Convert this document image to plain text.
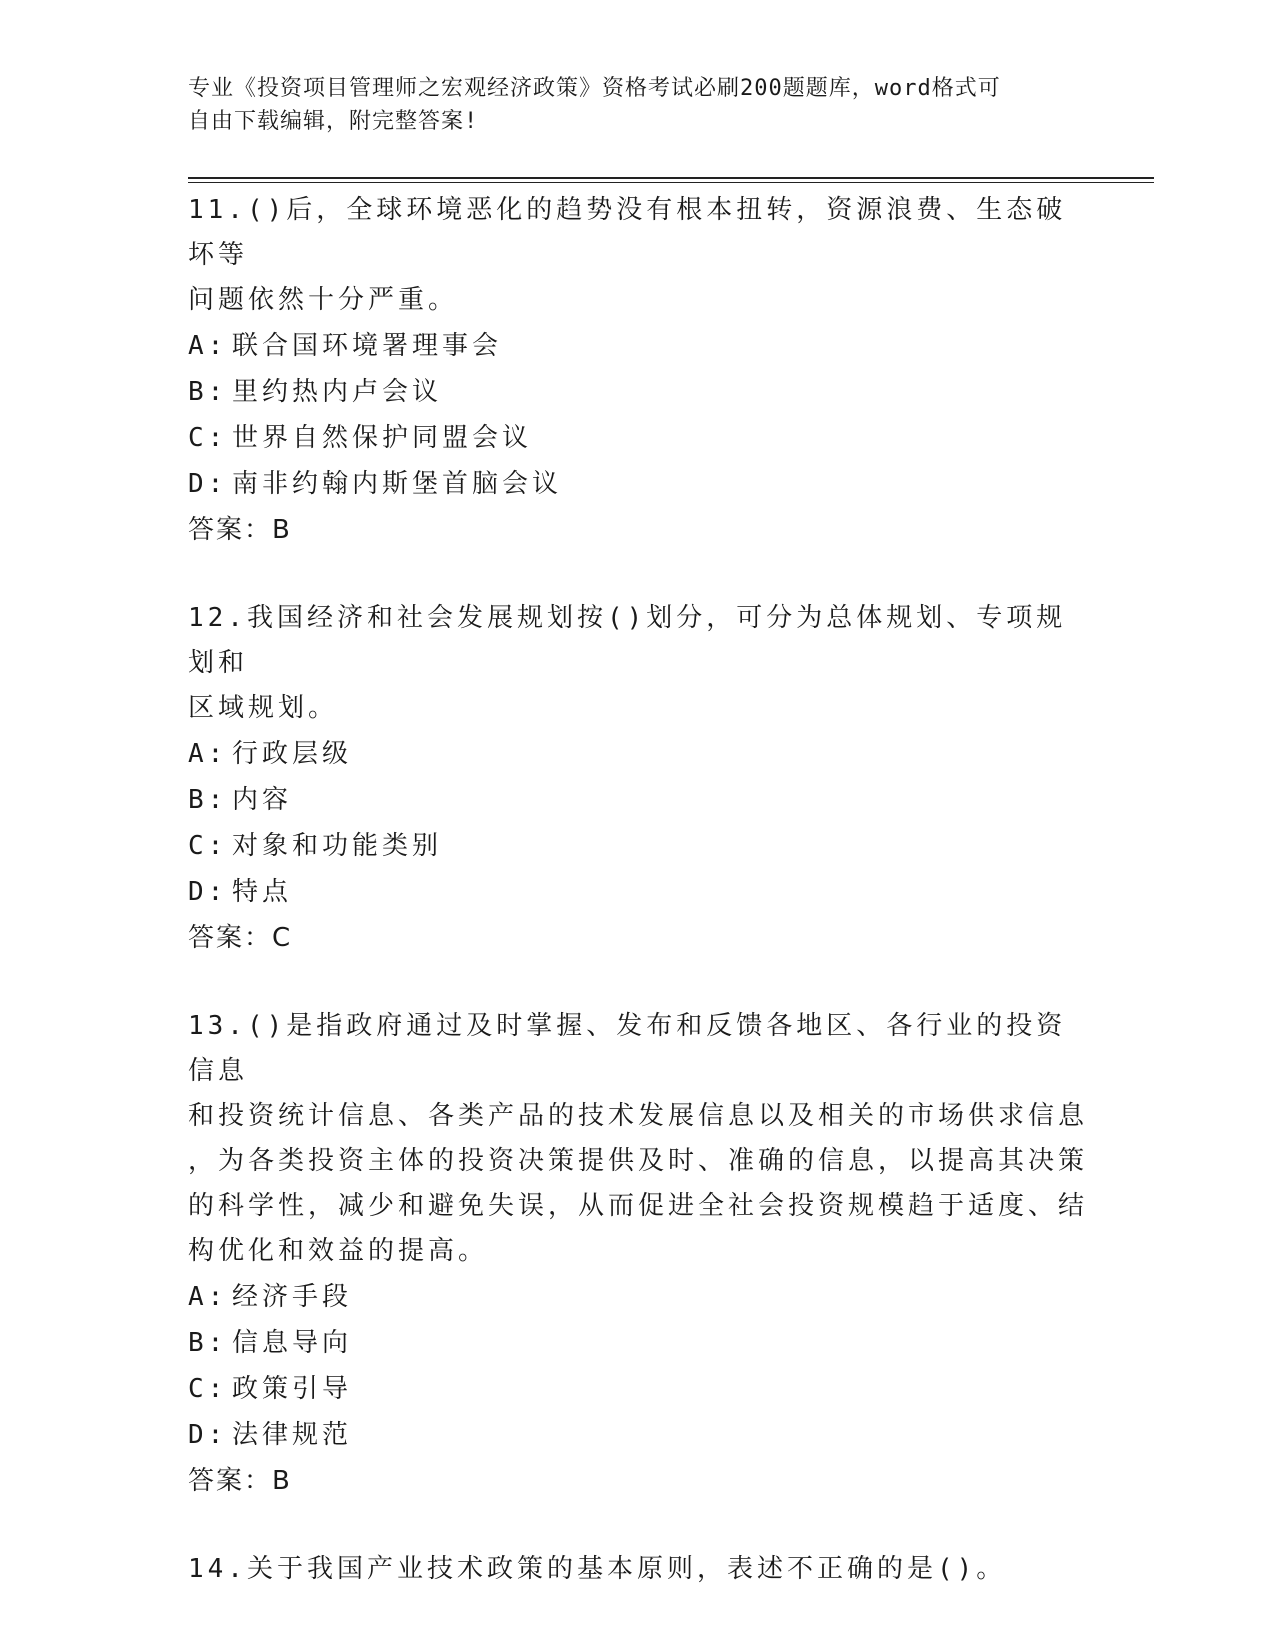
专业《投资项目管理师之宏观经济政策》资格考试必刷200题题库，word格式可
自由下载编辑，附完整答案!
11.()后，全球环境恶化的趋势没有根本扭转，资源浪费、生态破坏等
问题依然十分严重。
A: 联合国环境署理事会
B: 里约热内卢会议
C: 世界自然保护同盟会议
D: 南非约翰内斯堡首脑会议
答案：B
12.我国经济和社会发展规划按()划分，可分为总体规划、专项规划和
区域规划。
A: 行政层级
B: 内容
C: 对象和功能类别
D: 特点
答案：C
13.()是指政府通过及时掌握、发布和反馈各地区、各行业的投资信息
和投资统计信息、各类产品的技术发展信息以及相关的市场供求信息
，为各类投资主体的投资决策提供及时、准确的信息，以提高其决策
的科学性，减少和避免失误，从而促进全社会投资规模趋于适度、结
构优化和效益的提高。
A: 经济手段
B: 信息导向
C: 政策引导
D: 法律规范
答案：B
14.关于我国产业技术政策的基本原则，表述不正确的是()。
